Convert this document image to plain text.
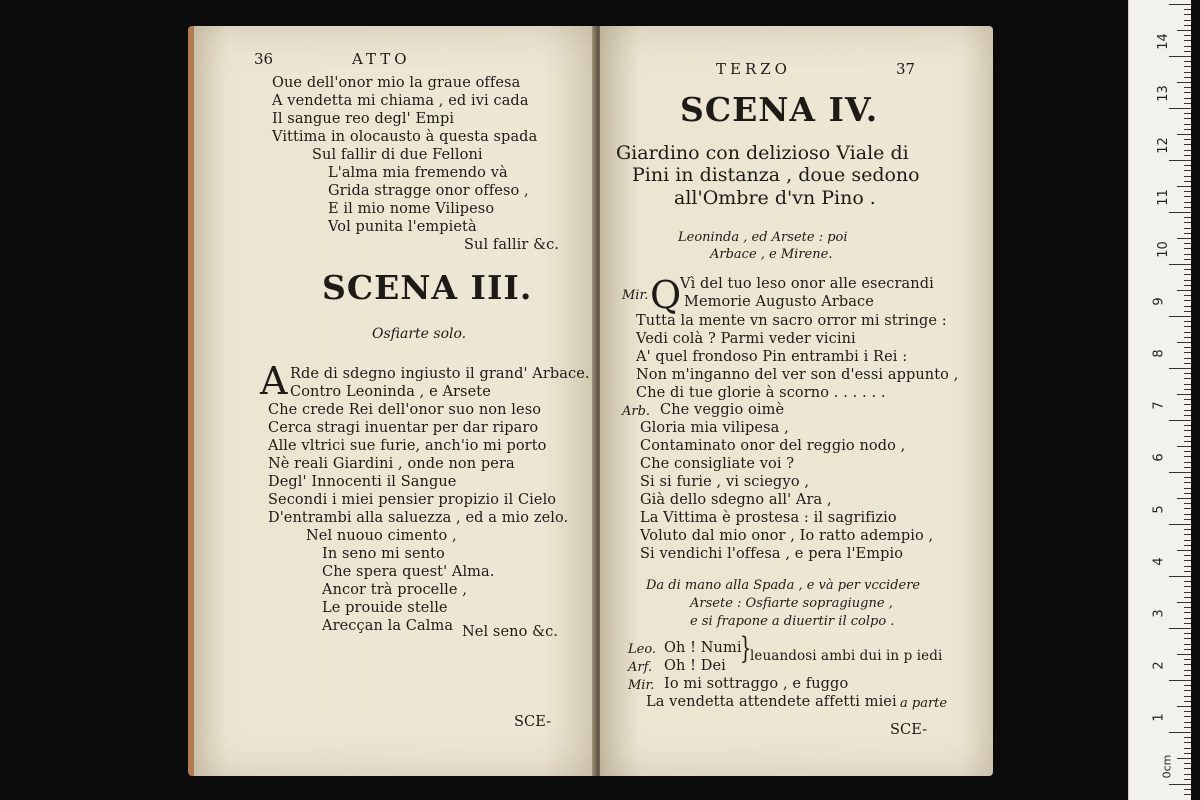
36	ATTO
Oue dell'onor mio la graue offesa
A vendetta mi chiama , ed ivi cada
Il sangue reo degl' Empi
Vittima in olocausto à questa spada
Sul fallir di due Felloni
L'alma mia fremendo và
Grida stragge onor offeso ,
E il mio nome Vilipeso
Vol punita l'empietà
Sul fallir &c.
SCENA III.
Osfiarte solo.
A Rde di sdegno ingiusto il grand' Arbace.
Contro Leoninda , e Arsete
Che crede Rei dell'onor suo non leso
Cerca stragi inuentar per dar riparo
Alle vltrici sue furie, anch'io mi porto
Nè reali Giardini , onde non pera
Degl' Innocenti il Sangue
Secondi i miei pensier propizio il Cielo
D'entrambi alla saluezza , ed a mio zelo.
Nel nuouo cimento ,
In seno mi sento
Che spera quest' Alma.
Ancor trà procelle ,
Le prouide stelle
Arecçan la Calma Nel seno &c.
SCE-
TERZO	37
SCENA IV.
Giardino con delizioso Viale di
Pini in distanza , doue sedono
all'Ombre d'vn Pino .
Leoninda , ed Arsete : poi
Arbace , e Mirene.
Mir. Q
Vì del tuo leso onor alle esecrandi
Memorie Augusto Arbace
Tutta la mente vn sacro orror mi stringe :
Vedi colà ? Parmi veder vicini
A' quel frondoso Pin entrambi i Rei :
Non m'inganno del ver son d'essi appunto ,
Che di tue glorie à scorno . . . . . .
Arb. Che veggio oimè
Gloria mia vilipesa ,
Contaminato onor del reggio nodo ,
Che consigliate voi ?
Si si furie , vi sciegуо ,
Già dello sdegno all' Ara ,
La Vittima è prostesa : il sagrifizio
Voluto dal mio onor , Io ratto adempio ,
Si vendichi l'offesa , e pera l'Empio
Da di mano alla Spada , e và per vccidere
Arsete : Osfiarte sopragiugne ,
e si frapone a diuertir il colpo .
Leo. Oh ! Numi
Arf. Oh ! Dei }
leuandosi ambi dui in p iedi
Mir. Io mi sottraggo , e fuggo
La vendetta attendete affetti miei a parte
SCE-
14
13
12
11
10
9
8
7
6
5
4
3
2
1
0cm
